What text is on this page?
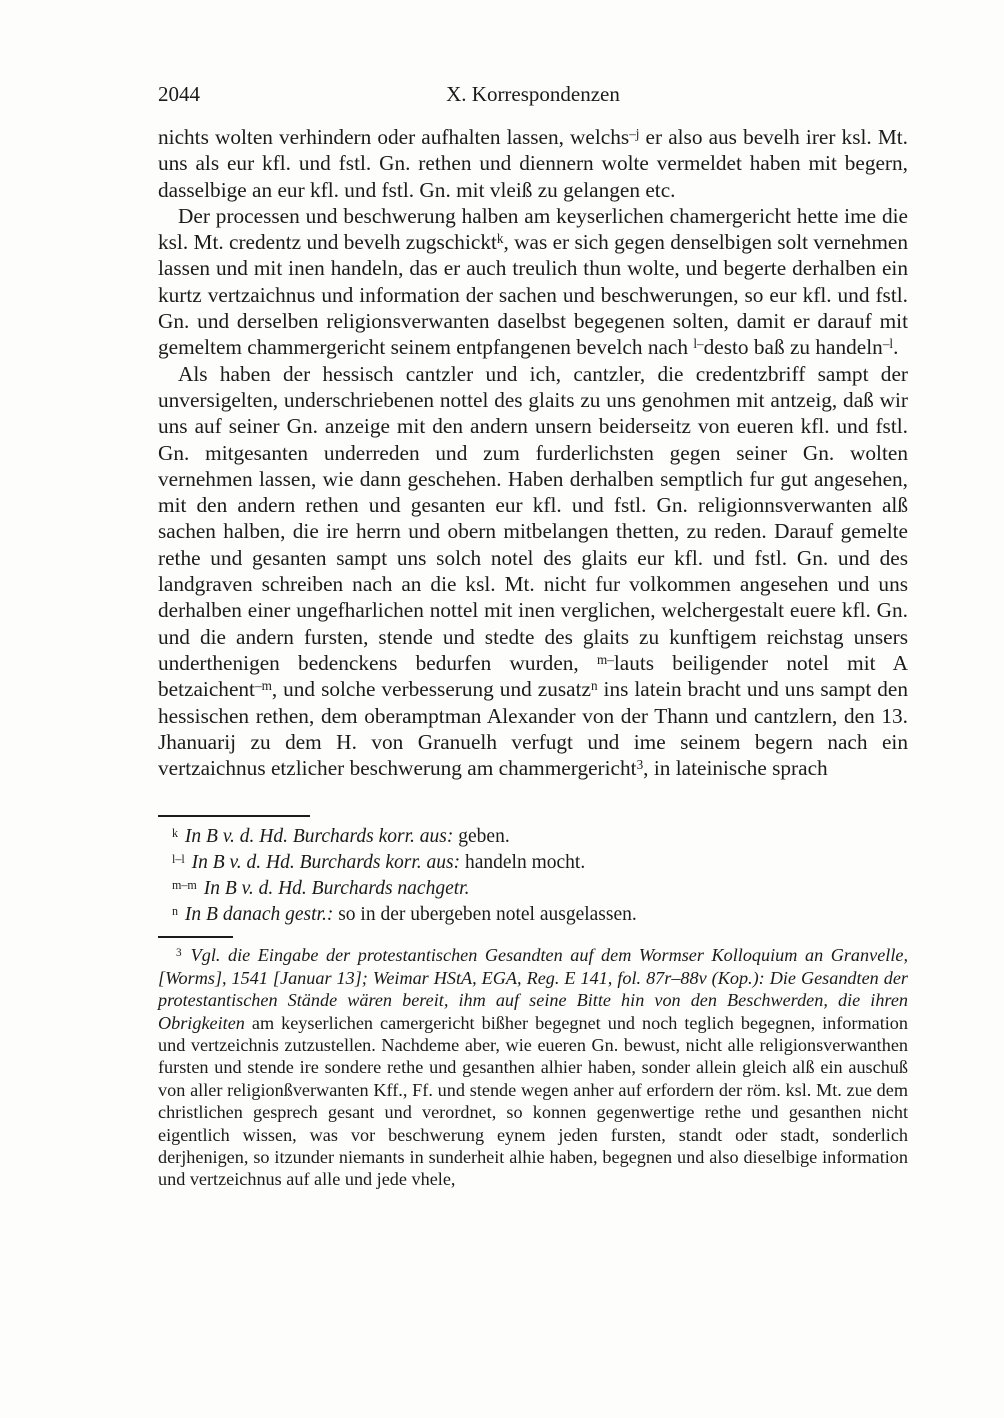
2044	X. Korrespondenzen

nichts wolten verhindern oder aufhalten lassen, welchs$^{-j}$ er also aus bevelh irer ksl. Mt. uns als eur kfl. und fstl. Gn. rethen und diennern wolte vermeldet haben mit begern, dasselbige an eur kfl. und fstl. Gn. mit vleiß zu gelangen etc.

Der processen und beschwerung halben am keyserlichen chamergericht hette ime die ksl. Mt. credentz und bevelh zugschickt$^k$, was er sich gegen denselbigen solt vernehmen lassen und mit inen handeln, das er auch treulich thun wolte, und begerte derhalben ein kurtz vertzaichnus und information der sachen und beschwerungen, so eur kfl. und fstl. Gn. und derselben religionsverwanten daselbst begegenen solten, damit er darauf mit gemeltem chammergericht seinem entpfangenen bevelch nach $^{l-}$desto baß zu handeln$^{-l}$.

Als haben der hessisch cantzler und ich, cantzler, die credentzbriff sampt der unversigelten, underschriebenen nottel des glaits zu uns genohmen mit antzeig, daß wir uns auf seiner Gn. anzeige mit den andern unsern beiderseitz von eueren kfl. und fstl. Gn. mitgesanten underreden und zum furderlichsten gegen seiner Gn. wolten vernehmen lassen, wie dann geschehen. Haben derhalben semptlich fur gut angesehen, mit den andern rethen und gesanten eur kfl. und fstl. Gn. religionnsverwanten alß sachen halben, die ire herrn und obern mitbelangen thetten, zu reden. Darauf gemelte rethe und gesanten sampt uns solch notel des glaits eur kfl. und fstl. Gn. und des landgraven schreiben nach an die ksl. Mt. nicht fur volkommen angesehen und uns derhalben einer ungefharlichen nottel mit inen verglichen, welchergestalt euere kfl. Gn. und die andern fursten, stende und stedte des glaits zu kunftigem reichstag unsers underthenigen bedenckens bedurfen wurden, $^{m-}$lauts beiligender notel mit A betzaichent$^{-m}$, und solche verbesserung und zusatz$^n$ ins latein bracht und uns sampt den hessischen rethen, dem oberamptman Alexander von der Thann und cantzlern, den 13. Jhanuarij zu dem H. von Granuelh verfugt und ime seinem begern nach ein vertzaichnus etzlicher beschwerung am chammergericht$^3$, in lateinische sprach

$^k$ In B v. d. Hd. Burchards korr. aus: geben.

$^{l-l}$ In B v. d. Hd. Burchards korr. aus: handeln mocht.

$^{m-m}$ In B v. d. Hd. Burchards nachgetr.

$^n$ In B danach gestr.: so in der ubergeben notel ausgelassen.

$^3$ Vgl. die Eingabe der protestantischen Gesandten auf dem Wormser Kolloquium an Granvelle, [Worms], 1541 [Januar 13]; Weimar HStA, EGA, Reg. E 141, fol. 87r–88v (Kop.): Die Gesandten der protestantischen Stände wären bereit, ihm auf seine Bitte hin von den Beschwerden, die ihren Obrigkeiten am keyserlichen camergericht bißher begegnet und noch teglich begegnen, information und vertzeichnis zutzustellen. Nachdeme aber, wie eueren Gn. bewust, nicht alle religionsverwanthen fursten und stende ire sondere rethe und gesanthen alhier haben, sonder allein gleich alß ein auschuß von aller religionßverwanten Kff., Ff. und stende wegen anher auf erfordern der röm. ksl. Mt. zue dem christlichen gesprech gesant und verordnet, so konnen gegenwertige rethe und gesanthen nicht eigentlich wissen, was vor beschwerung eynem jeden fursten, standt oder stadt, sonderlich derjhenigen, so itzunder niemants in sunderheit alhie haben, begegnen und also dieselbige information und vertzeichnus auf alle und jede vhele,
